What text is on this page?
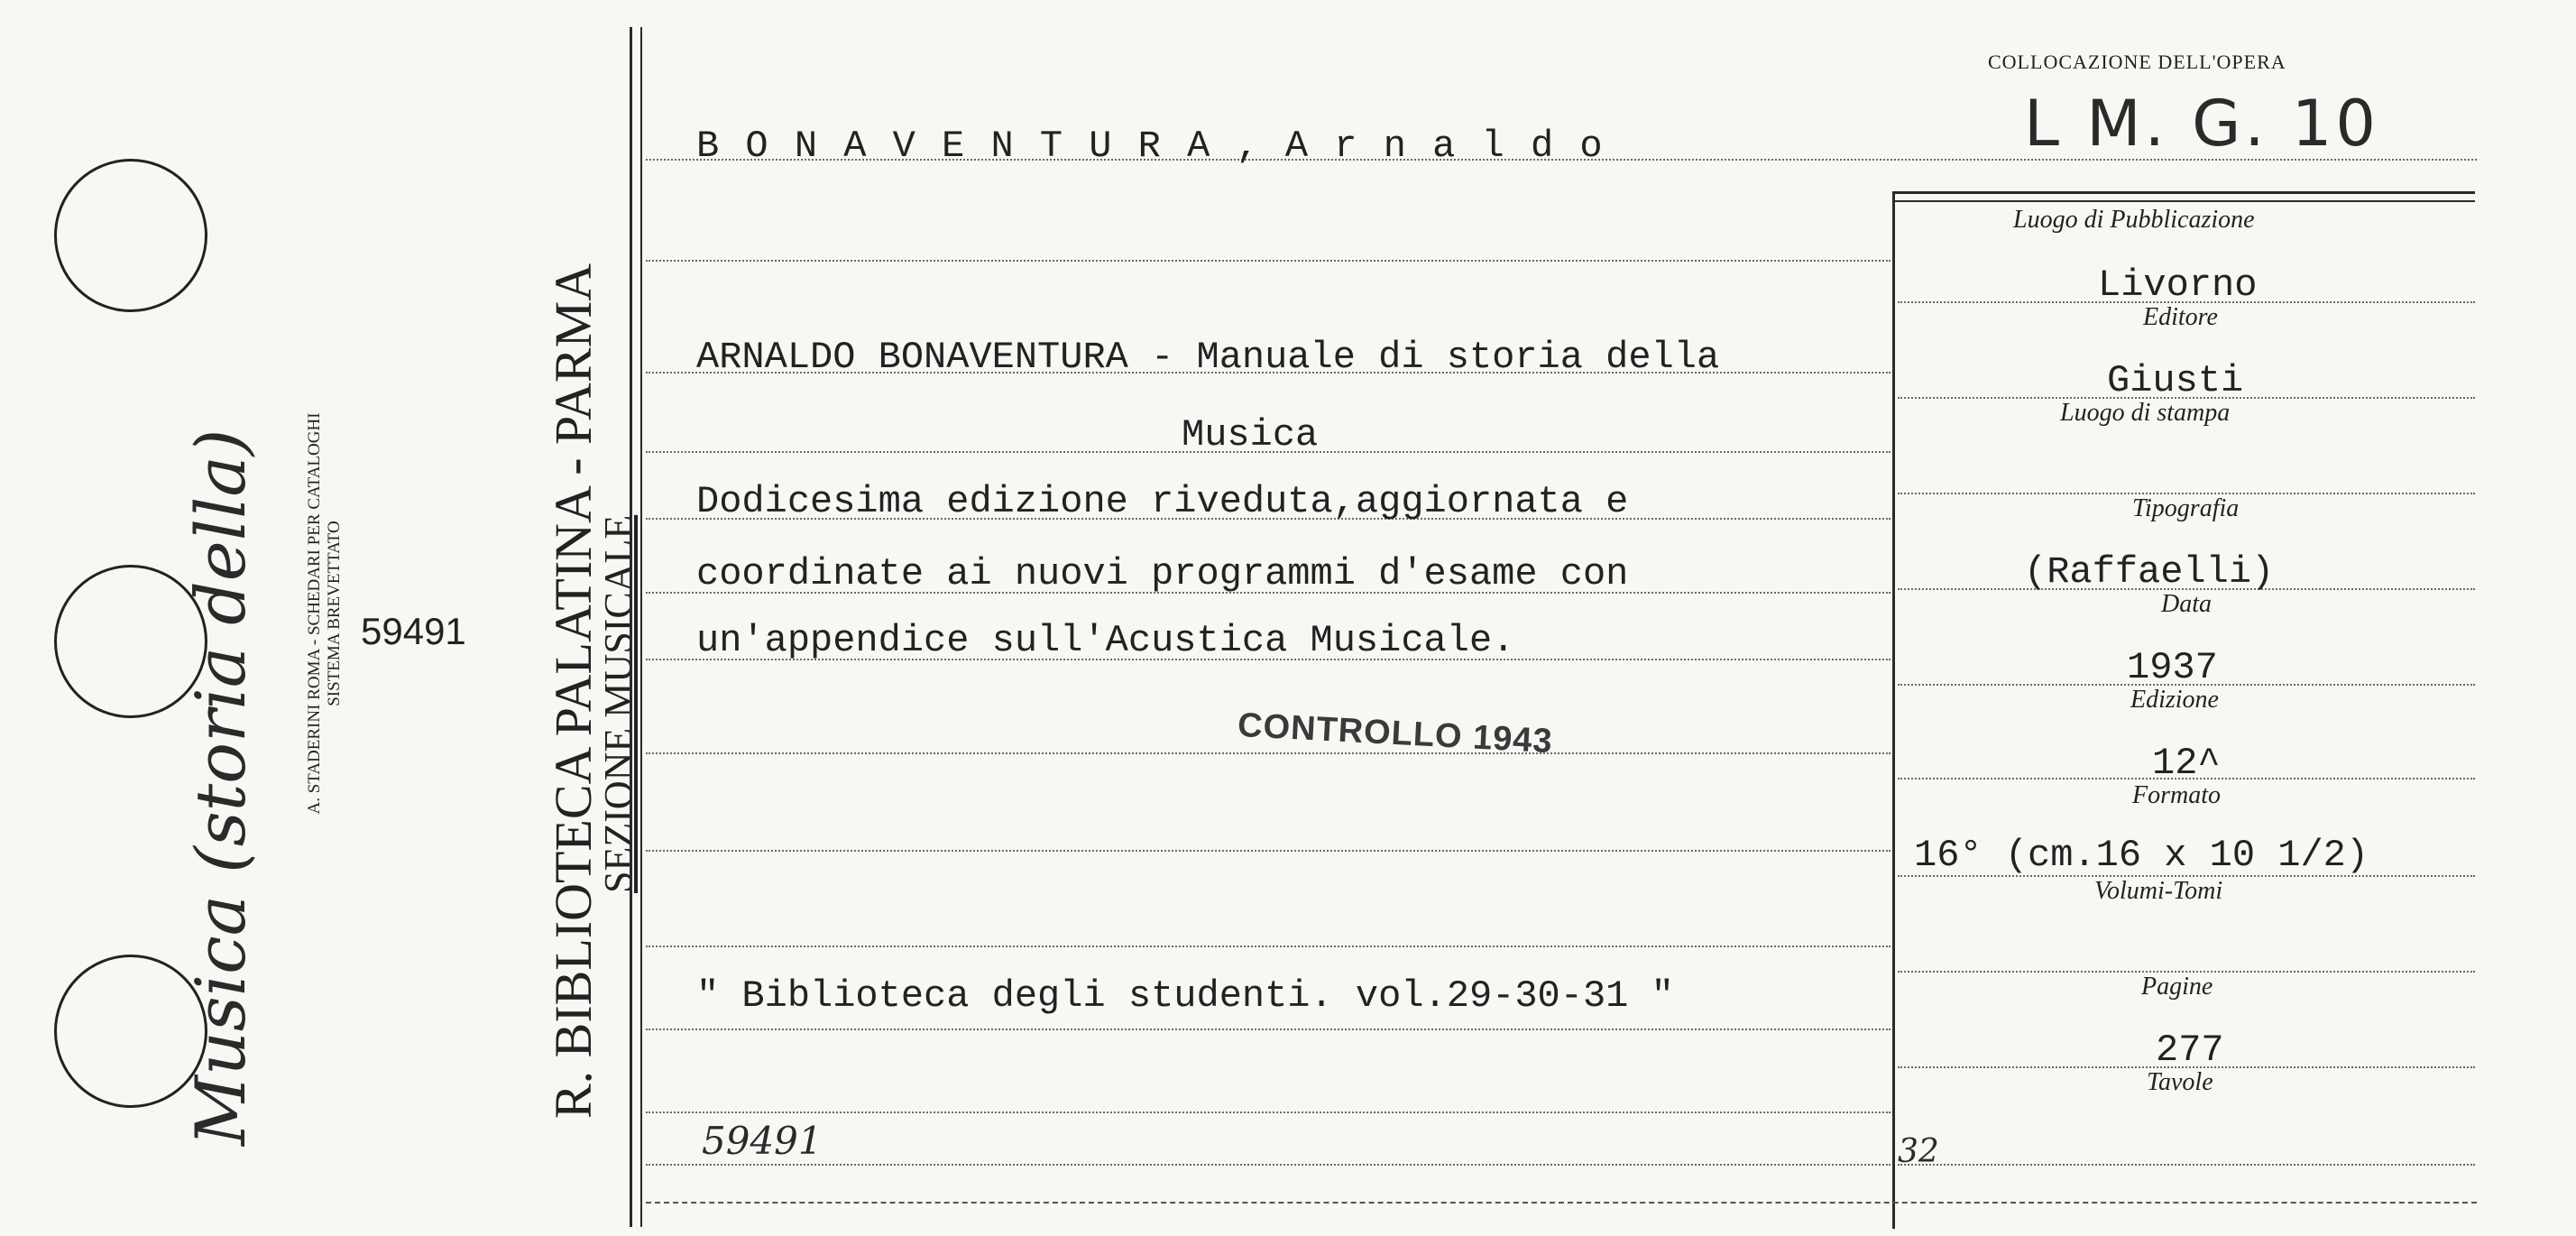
Musica (storia della)	A. STADERINI ROMA - SCHEDARI PER CATALOGHI SISTEMA BREVETTATO 59491 R. BIBLIOTECA PALATINA - PARMA
SEZIONE MUSICALE
B O N A V E N T U R A , A r n a l d o
ARNALDO BONAVENTURA - Manuale di storia della
Musica
Dodicesima edizione riveduta,aggiornata e
coordinate ai nuovi programmi d'esame con
un'appendice sull'Acustica Musicale.
CONTROLLO 1943
" Biblioteca degli studenti. vol.29-30-31 "
59491
COLLOCAZIONE DELL'OPERA
L M. G. 10
Luogo di Pubblicazione
Livorno
Editore
Giusti
Luogo di stampa
Tipografia
(Raffaelli)
Data
1937
Edizione
12^
Formato
16° (cm.16 x 10 1/2)
Volumi-Tomi
Pagine
277
Tavole
32
